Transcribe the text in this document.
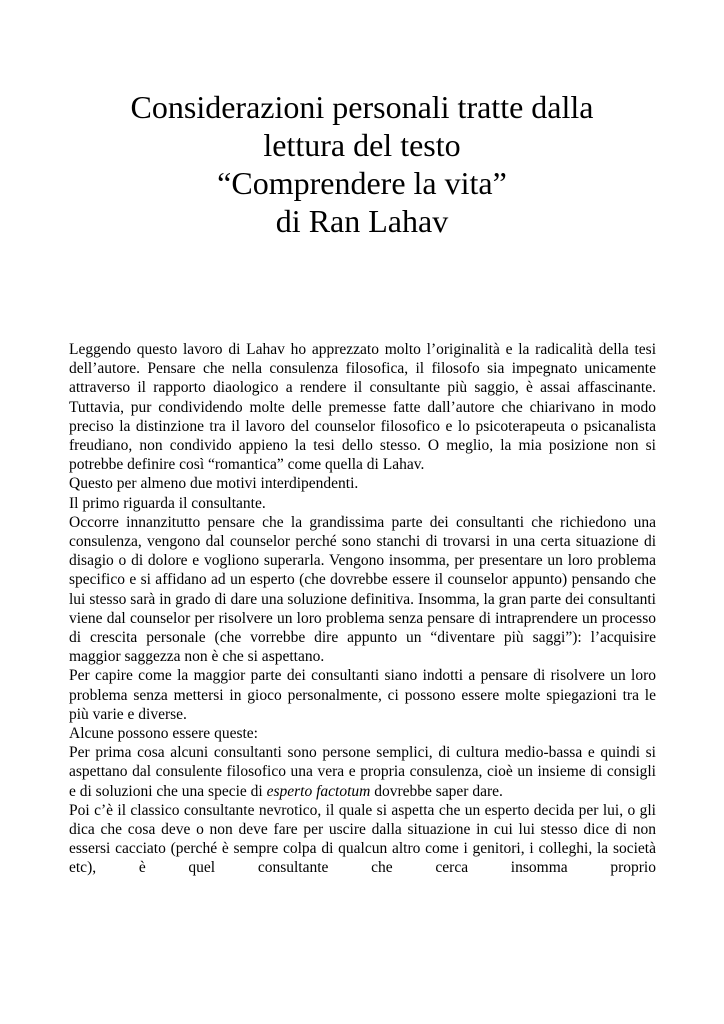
Considerazioni personali tratte dalla
lettura del testo
“Comprendere la vita”
di Ran Lahav

Leggendo questo lavoro di Lahav ho apprezzato molto l’originalità e la radicalità della tesi dell’autore. Pensare che nella consulenza filosofica, il filosofo sia impegnato unicamente attraverso il rapporto diaologico a rendere il consultante più saggio, è assai affascinante. Tuttavia, pur condividendo molte delle premesse fatte dall’autore che chiarivano in modo preciso la distinzione tra il lavoro del counselor filosofico e lo psicoterapeuta o psicanalista freudiano, non condivido appieno la tesi dello stesso. O meglio, la mia posizione non si potrebbe definire così “romantica” come quella di Lahav.

Questo per almeno due motivi interdipendenti.

Il primo riguarda il consultante.

Occorre innanzitutto pensare che la grandissima parte dei consultanti che richiedono una consulenza, vengono dal counselor perché sono stanchi di trovarsi in una certa situazione di disagio o di dolore e vogliono superarla. Vengono insomma, per presentare un loro problema specifico e si affidano ad un esperto (che dovrebbe essere il counselor appunto) pensando che lui stesso sarà in grado di dare una soluzione definitiva. Insomma, la gran parte dei consultanti viene dal counselor per risolvere un loro problema senza pensare di intraprendere un processo di crescita personale (che vorrebbe dire appunto un “diventare più saggi”): l’acquisire maggior saggezza non è che si aspettano.

Per capire come la maggior parte dei consultanti siano indotti a pensare di risolvere un loro problema senza mettersi in gioco personalmente, ci possono essere molte spiegazioni tra le più varie e diverse.

Alcune possono essere queste:

Per prima cosa alcuni consultanti sono persone semplici, di cultura medio-bassa e quindi si aspettano dal consulente filosofico una vera e propria consulenza, cioè un insieme di consigli e di soluzioni che una specie di esperto factotum dovrebbe saper dare.

Poi c’è il classico consultante nevrotico, il quale si aspetta che un esperto decida per lui, o gli dica che cosa deve o non deve fare per uscire dalla situazione in cui lui stesso dice di non essersi cacciato (perché è sempre colpa di qualcun altro come i genitori, i colleghi, la società etc), è quel consultante che cerca insomma proprio
